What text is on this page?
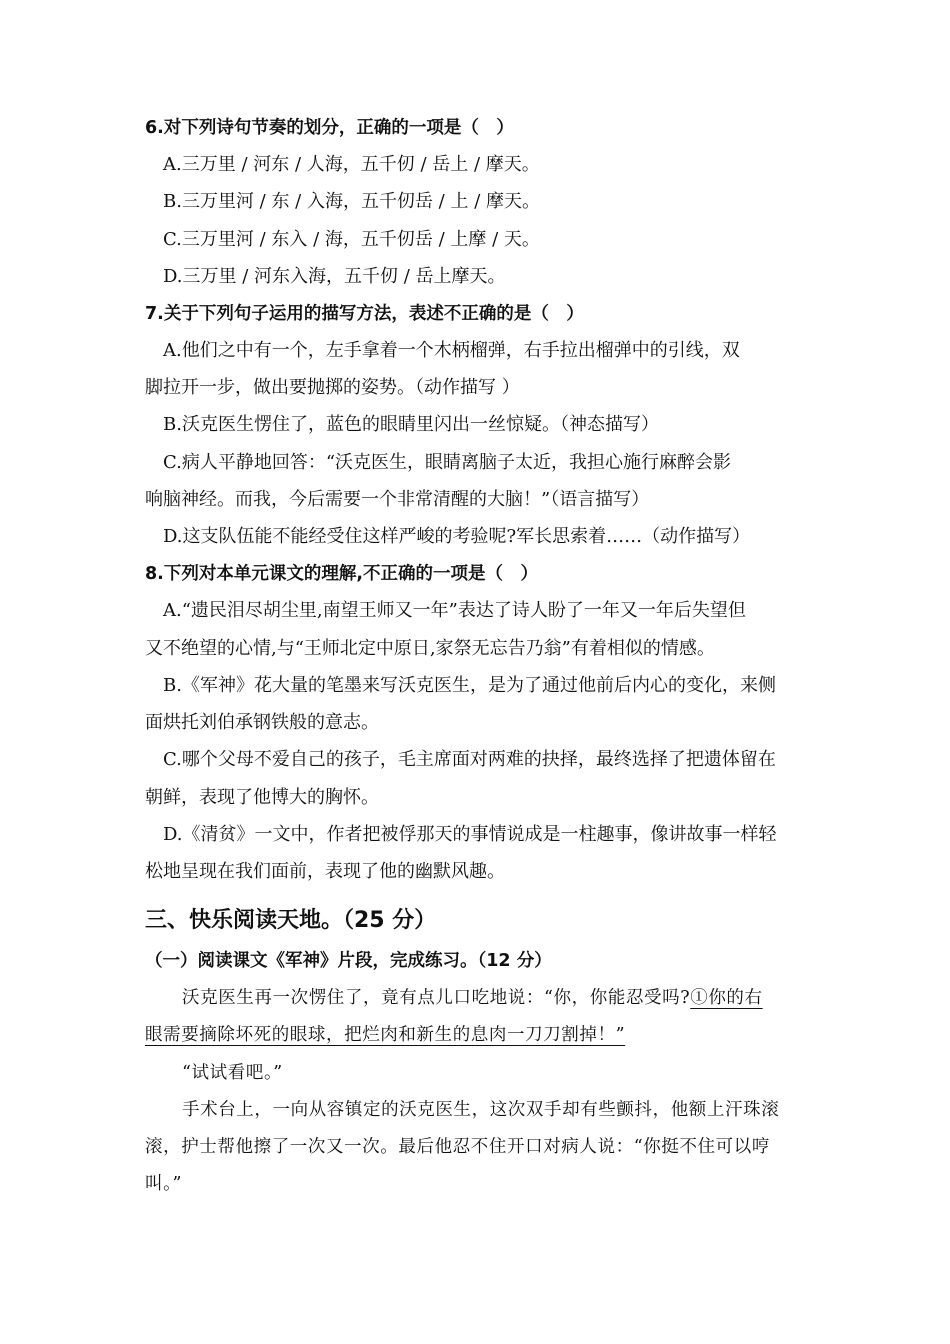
6.对下列诗句节奏的划分，正确的一项是（　）
A.三万里 / 河东 / 人海，五千仞 / 岳上 / 摩天。
B.三万里河 / 东 / 入海，五千仞岳 / 上 / 摩天。
C.三万里河 / 东入 / 海，五千仞岳 / 上摩 / 天。
D.三万里 / 河东入海，五千仞 / 岳上摩天。
7.关于下列句子运用的描写方法，表述不正确的是（　）
A.他们之中有一个，左手拿着一个木柄榴弹，右手拉出榴弹中的引线，双
脚拉开一步，做出要抛掷的姿势。（动作描写 ）
B.沃克医生愣住了，蓝色的眼睛里闪出一丝惊疑。（神态描写）
C.病人平静地回答：“沃克医生，眼睛离脑子太近，我担心施行麻醉会影
响脑神经。而我，今后需要一个非常清醒的大脑！”（语言描写）
D.这支队伍能不能经受住这样严峻的考验呢?军长思索着……（动作描写）
8.下列对本单元课文的理解,不正确的一项是（　）
A.“遗民泪尽胡尘里,南望王师又一年”表达了诗人盼了一年又一年后失望但
又不绝望的心情,与“王师北定中原日,家祭无忘告乃翁”有着相似的情感。
B.《军神》花大量的笔墨来写沃克医生，是为了通过他前后内心的变化，来侧
面烘托刘伯承钢铁般的意志。
C.哪个父母不爱自己的孩子，毛主席面对两难的抉择，最终选择了把遗体留在
朝鲜，表现了他博大的胸怀。
D.《清贫》一文中，作者把被俘那天的事情说成是一柱趣事，像讲故事一样轻
松地呈现在我们面前，表现了他的幽默风趣。
三、快乐阅读天地。（25 分）
（一）阅读课文《军神》片段，完成练习。（12 分）
沃克医生再一次愣住了，竟有点儿口吃地说：“你，你能忍受吗?①你的右
眼需要摘除坏死的眼球，把烂肉和新生的息肉一刀刀割掉！”
“试试看吧。”
手术台上，一向从容镇定的沃克医生，这次双手却有些颤抖，他额上汗珠滚
滚，护士帮他擦了一次又一次。最后他忍不住开口对病人说：“你挺不住可以哼
叫。”
